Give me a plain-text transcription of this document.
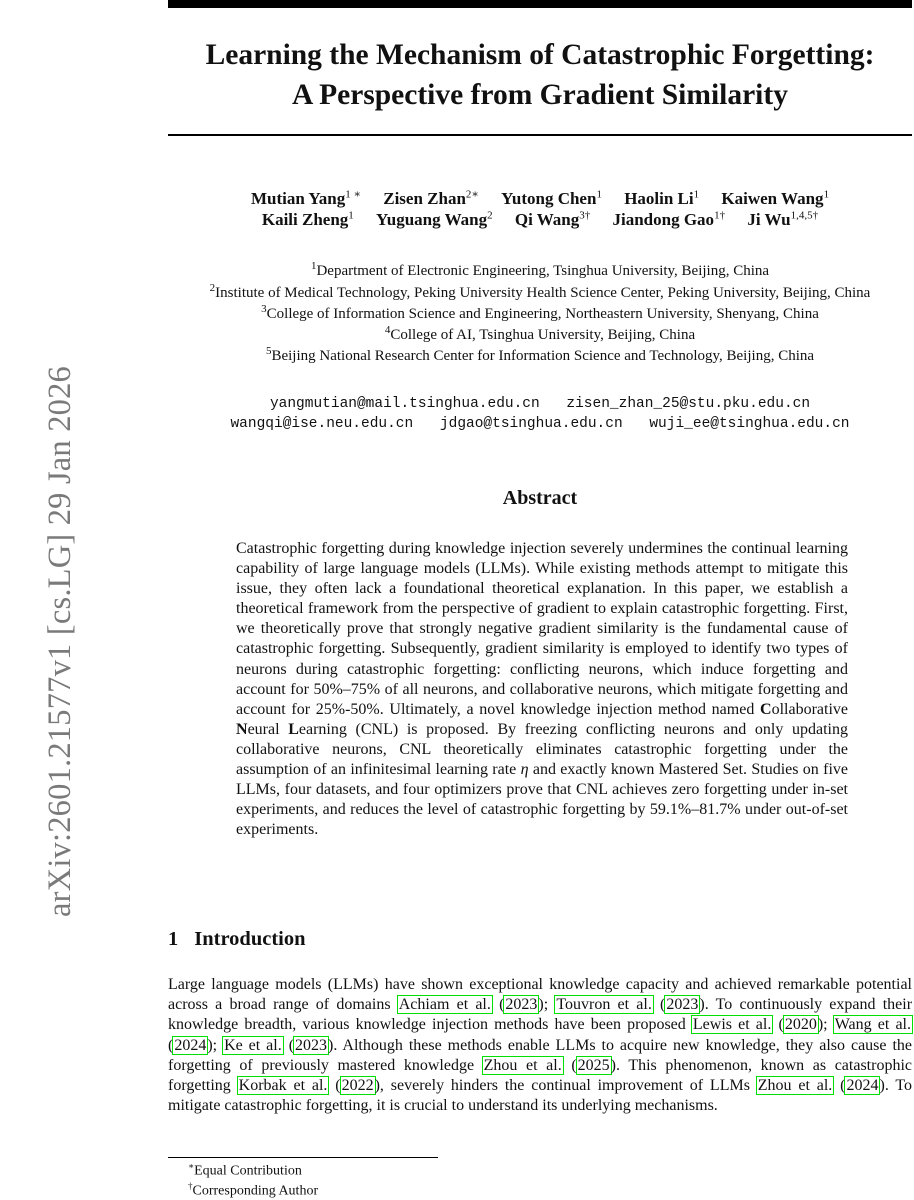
arXiv:2601.21577v1 [cs.LG] 29 Jan 2026
Learning the Mechanism of Catastrophic Forgetting:
A Perspective from Gradient Similarity
Mutian Yang$^{1 ∗}$ Zisen Zhan$^{2∗}$ Yutong Chen$^1$ Haolin Li$^1$ Kaiwen Wang$^1$
Kaili Zheng$^1$ Yuguang Wang$^2$ Qi Wang$^{3\dagger}$ Jiandong Gao$^{1\dagger}$ Ji $Wu^{1,4,5\dagger}$
$^1$Department of Electronic Engineering, Tsinghua University, Beijing, China
$^2$Institute of Medical Technology, Peking University Health Science Center, Peking University, Beijing, China
$^3$College of Information Science and Engineering, Northeastern University, Shenyang, China
$^4$College of AI, Tsinghua University, Beijing, China
$^5$Beijing National Research Center for Information Science and Technology, Beijing, China
yangmutian@mail.tsinghua.edu.cn zisen_zhan_25@stu.pku.edu.cn
wangqi@ise.neu.edu.cn jdgao@tsinghua.edu.cn wuji_ee@tsinghua.edu.cn
Abstract
Catastrophic forgetting during knowledge injection severely undermines the continual learning capability of large language models (LLMs). While existing methods attempt to mitigate this issue, they often lack a foundational theoretical explanation. In this paper, we establish a theoretical framework from the perspective of gradient to explain catastrophic forgetting. First, we theoretically prove that strongly negative gradient similarity is the fundamental cause of catastrophic forgetting. Subsequently, gradient similarity is employed to identify two types of neurons during catastrophic forgetting: conflicting neurons, which induce forgetting and account for 50%–75% of all neurons, and collaborative neurons, which mitigate forgetting and account for 25%-50%. Ultimately, a novel knowledge injection method named Collaborative Neural Learning (CNL) is proposed. By freezing conflicting neurons and only updating collaborative neurons, CNL theoretically eliminates catastrophic forgetting under the assumption of an infinitesimal learning rate η and exactly known Mastered Set. Studies on five LLMs, four datasets, and four optimizers prove that CNL achieves zero forgetting under in-set experiments, and reduces the level of catastrophic forgetting by 59.1%–81.7% under out-of-set experiments.
1 Introduction
Large language models (LLMs) have shown exceptional knowledge capacity and achieved remarkable potential across a broad range of domains Achiam et al. (2023); Touvron et al. (2023). To continuously expand their knowledge breadth, various knowledge injection methods have been proposed Lewis et al. (2020); Wang et al. (2024); Ke et al. (2023). Although these methods enable LLMs to acquire new knowledge, they also cause the forgetting of previously mastered knowledge Zhou et al. (2025). This phenomenon, known as catastrophic forgetting Korbak et al. (2022), severely hinders the continual improvement of LLMs Zhou et al. (2024). To mitigate catastrophic forgetting, it is crucial to understand its underlying mechanisms.
∗Equal Contribution
†Corresponding Author
